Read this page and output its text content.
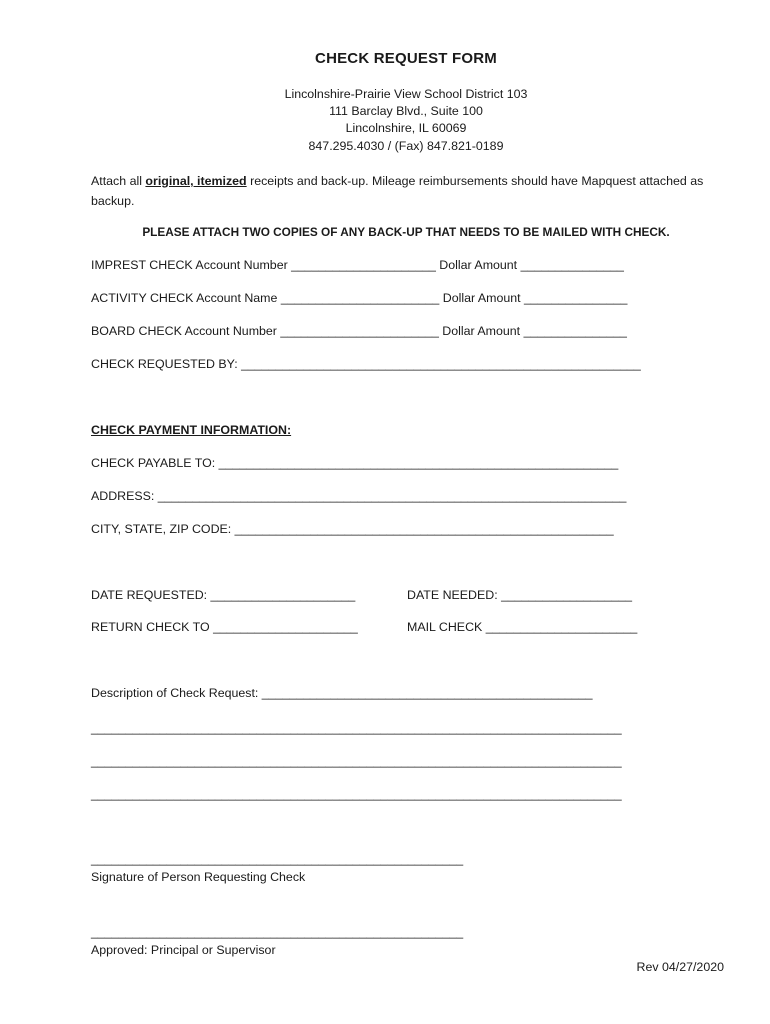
CHECK REQUEST FORM
Lincolnshire-Prairie View School District 103
111 Barclay Blvd., Suite 100
Lincolnshire, IL 60069
847.295.4030 / (Fax) 847.821-0189
Attach all original, itemized receipts and back-up. Mileage reimbursements should have Mapquest attached as backup.
PLEASE ATTACH TWO COPIES OF ANY BACK-UP THAT NEEDS TO BE MAILED WITH CHECK.
IMPREST CHECK Account Number _____________________ Dollar Amount _______________
ACTIVITY CHECK Account Name _______________________ Dollar Amount _______________
BOARD CHECK Account Number _______________________ Dollar Amount _______________
CHECK REQUESTED BY: __________________________________________________________
CHECK PAYMENT INFORMATION:
CHECK PAYABLE TO: __________________________________________________________
ADDRESS: ____________________________________________________________________
CITY, STATE, ZIP CODE: _______________________________________________________
DATE REQUESTED: _____________________	DATE NEEDED: ___________________
RETURN CHECK TO _____________________	MAIL CHECK ______________________
Description of Check Request: ________________________________________________
_____________________________________________________________________________
_____________________________________________________________________________
_____________________________________________________________________________
______________________________________________________
Signature of Person Requesting Check
______________________________________________________
Approved: Principal or Supervisor
Rev 04/27/2020
